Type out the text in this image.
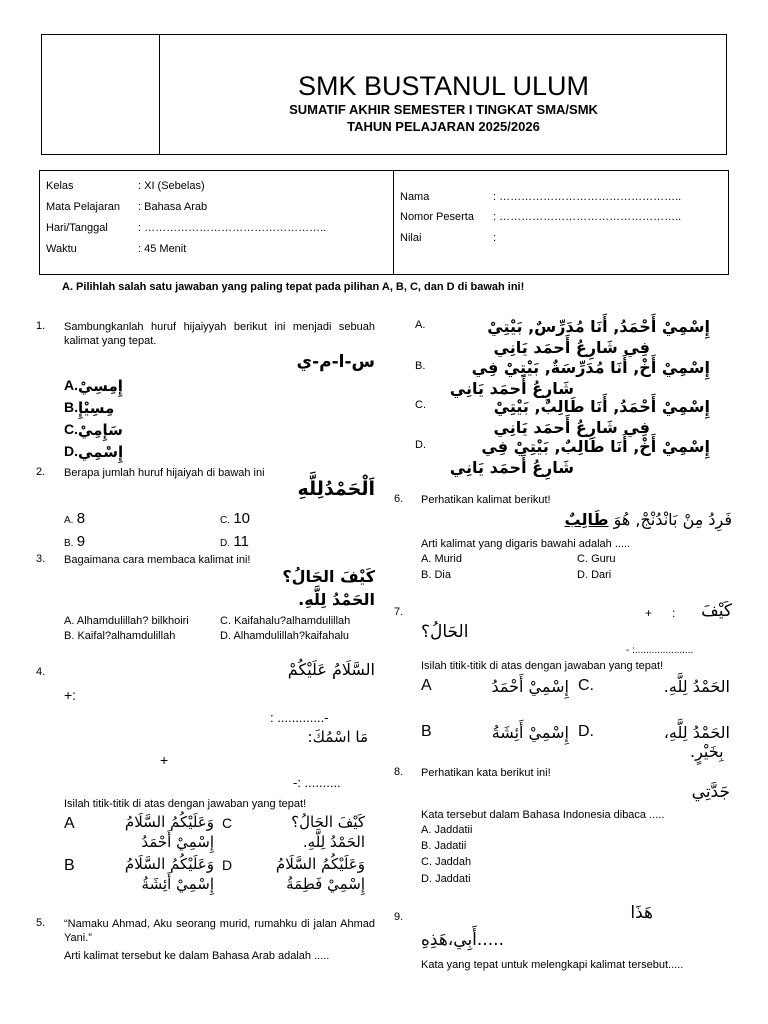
SMK BUSTANUL ULUM
SUMATIF AKHIR SEMESTER I TINGKAT SMA/SMK
TAHUN PELAJARAN 2025/2026
Kelas	: XI (Sebelas)
Mata Pelajaran : Bahasa Arab
Hari/Tanggal	: …………………………………………..
Waktu	: 45 Menit
Nama	: …………………………………………..
Nomor Peserta : …………………………………………..
Nilai	:
A. Pilihlah salah satu jawaban yang paling tepat pada pilihan A, B, C, dan D di bawah ini!
1. Sambungkanlah huruf hijaiyyah berikut ini menjadi sebuah kalimat yang tepat.
س-ا-م-ي
A. إِمِسِيْ
B. مِسِيْإِ
C. سَإِمِيْ
D. إِسْمِي
2. Berapa jumlah huruf hijaiyah di bawah ini
اَلْحَمْدُلِلَّهِ
A. 8	C. 10
B. 9	D. 11
3. Bagaimana cara membaca kalimat ini!
كَيْفَ الحَالُ؟
الحَمْدُ لِلَّهِ.
A. Alhamdulillah? bilkhoiri	C. Kaifahalu?alhamdulillah
B. Kaifal?alhamdulillah	D. Alhamdulillah?kaifahalu
4.	السَّلَامُ عَلَيْكُمْ
+:
: .............-
مَا اسْمُكَ:
+
-: ..........
Isilah titik-titik di atas dengan jawaban yang tepat!
A	وَعَلَيْكُمُ السَّلَامُ
إِسْمِيْ أَحْمَدُ
C	كَيْفَ الحَالُ؟
الحَمْدُ لِلَّهِ.
B	وَعَلَيْكُمُ السَّلَامُ
إِسْمِيْ أَئِشَةُ
D	وَعَلَيْكُمُ السَّلَامُ
إِسْمِيْ فَطِمَةُ
5. “Namaku Ahmad, Aku seorang murid, rumahku di jalan Ahmad Yani.”
Arti kalimat tersebut ke dalam Bahasa Arab adalah .....
A.	إِسْمِيْ أَحْمَدُ, أَنَا مُدَرِّسٌ, بَيْتِيْ
فِي شَارِعُ أَحمَد يَانِي
B.	إِسْمِيْ أَخْ, أَنَا مُدَرِّسَةٌ, بَيْتِيْ فِي
شَارِعُ أَحمَد يَانِي
C.	إِسْمِيْ أَحْمَدُ, أَنَا طَالِبٌ, بَيْتِيْ
فِي شَارِعُ أَحمَد يَانِي
D.	إِسْمِيْ أَخْ, أَنَا طَالِبٌ, بَيْتِيْ فِي
شَارِعُ أَحمَد يَانِي
6. Perhatikan kalimat berikut!
فَرِدُ مِنْ بَانْدُنْجْ, هُوَ طَالِبٌ
Arti kalimat yang digaris bawahi adalah .....
A. Murid	C. Guru
B. Dia	D. Dari
7.	+ : كَيْفَ
الحَالُ؟
- :.....................
Isilah titik-titik di atas dengan jawaban yang tepat!
A	إِسْمِيْ أَحْمَدُ C.	الحَمْدُ لِلَّهِ.
B	إِسْمِيْ أَئِشَةُ D.	الحَمْدُ لِلَّهِ،
بِخَيْرٍ.
8. Perhatikan kata berikut ini!
جَدَّتِي
Kata tersebut dalam Bahasa Indonesia dibaca .....
A. Jaddatii
B. Jadatii
C. Jaddah
D. Jaddati
9.	هَذَا
أَبِي،هَذِهِ.....
Kata yang tepat untuk melengkapi kalimat tersebut.....
